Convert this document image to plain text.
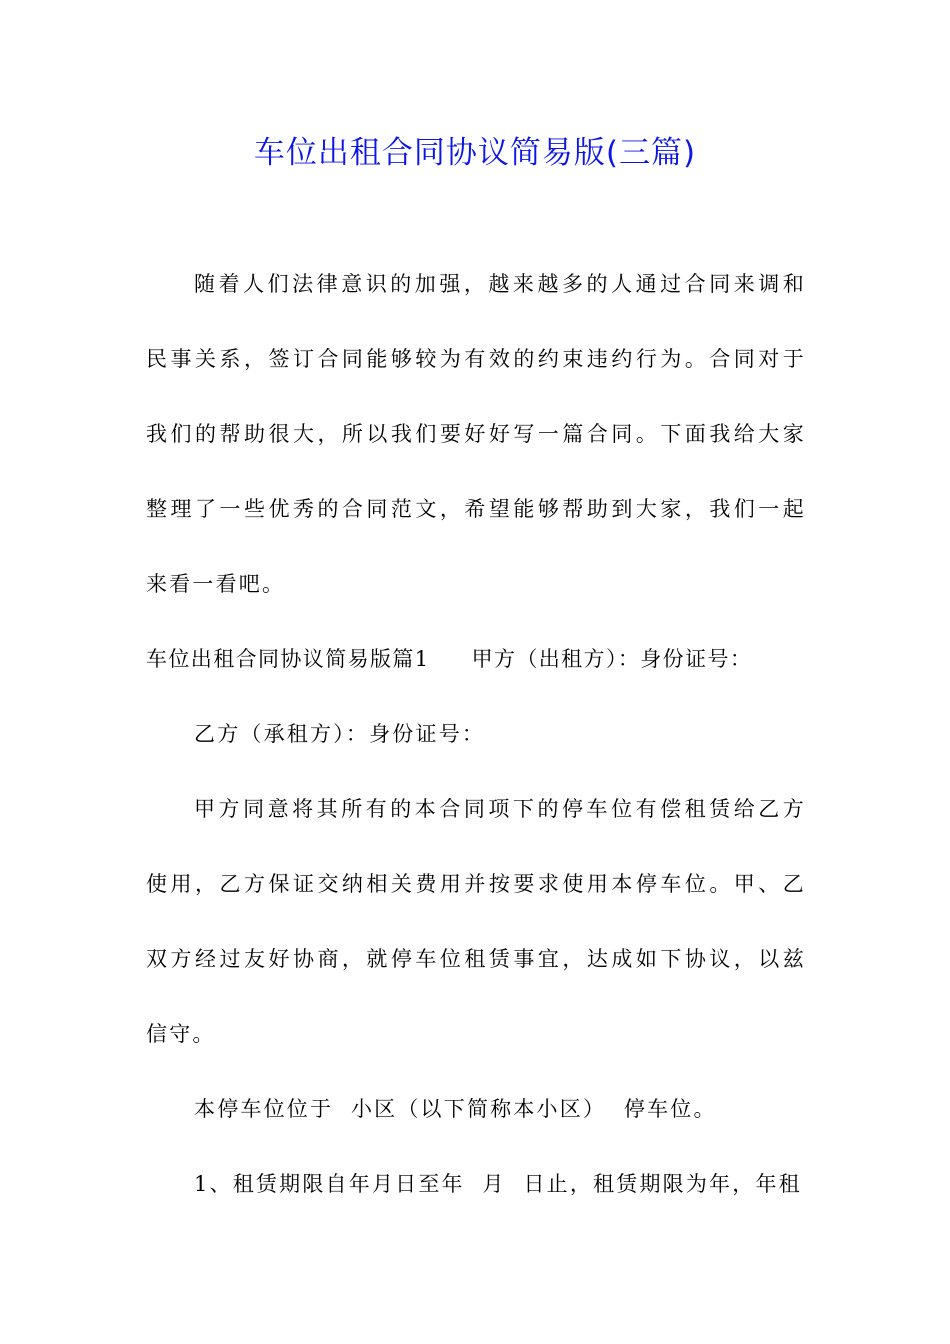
车位出租合同协议简易版(三篇)
随着人们法律意识的加强，越来越多的人通过合同来调和
民事关系，签订合同能够较为有效的约束违约行为。合同对于
我们的帮助很大，所以我们要好好写一篇合同。下面我给大家
整理了一些优秀的合同范文，希望能够帮助到大家，我们一起
来看一看吧。
车位出租合同协议简易版篇1 甲方（出租方）：身份证号：
乙方（承租方）：身份证号：
甲方同意将其所有的本合同项下的停车位有偿租赁给乙方
使用，乙方保证交纳相关费用并按要求使用本停车位。甲、乙
双方经过友好协商，就停车位租赁事宜，达成如下协议，以兹
信守。
本停车位位于  小区（以下简称本小区）  停车位。
1、租赁期限自年月日至年  月  日止，租赁期限为年，年租
